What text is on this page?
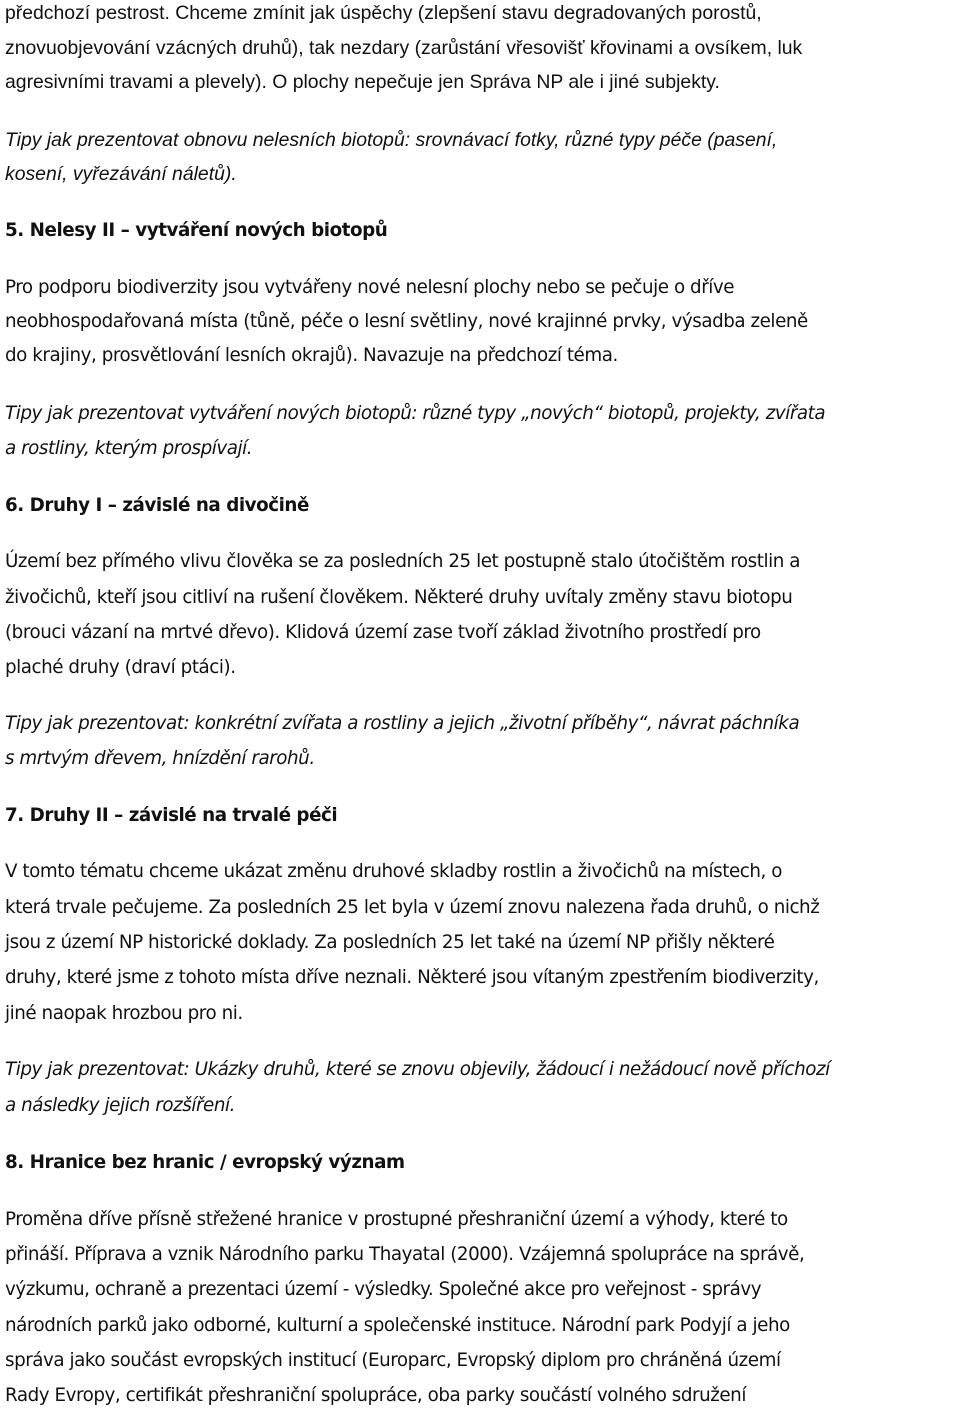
předchozí pestrost. Chceme zmínit jak úspěchy (zlepšení stavu degradovaných porostů,
znovuobjevování vzácných druhů), tak nezdary (zarůstání vřesovišť křovinami a ovsíkem, luk
agresivními travami a plevely). O plochy nepečuje jen Správa NP ale i jiné subjekty.
Tipy jak prezentovat obnovu nelesních biotopů: srovnávací fotky, různé typy péče (pasení,
kosení, vyřezávání náletů).
5. Nelesy II – vytváření nových biotopů
Pro podporu biodiverzity jsou vytvářeny nové nelesní plochy nebo se pečuje o dříve
neobhospodařovaná místa (tůně, péče o lesní světliny, nové krajinné prvky, výsadba zeleně
do krajiny, prosvětlování lesních okrajů). Navazuje na předchozí téma.
Tipy jak prezentovat vytváření nových biotopů: různé typy „nových“ biotopů, projekty, zvířata
a rostliny, kterým prospívají.
6. Druhy I – závislé na divočině
Území bez přímého vlivu člověka se za posledních 25 let postupně stalo útočištěm rostlin a
živočichů, kteří jsou citliví na rušení člověkem. Některé druhy uvítaly změny stavu biotopu
(brouci vázaní na mrtvé dřevo). Klidová území zase tvoří základ životního prostředí pro
plaché druhy (draví ptáci).
Tipy jak prezentovat: konkrétní zvířata a rostliny a jejich „životní příběhy“, návrat páchníka
s mrtvým dřevem, hnízdění rarohů.
7. Druhy II – závislé na trvalé péči
V tomto tématu chceme ukázat změnu druhové skladby rostlin a živočichů na místech, o
která trvale pečujeme. Za posledních 25 let byla v území znovu nalezena řada druhů, o nichž
jsou z území NP historické doklady. Za posledních 25 let také na území NP přišly některé
druhy, které jsme z tohoto místa dříve neznali. Některé jsou vítaným zpestřením biodiverzity,
jiné naopak hrozbou pro ni.
Tipy jak prezentovat: Ukázky druhů, které se znovu objevily, žádoucí i nežádoucí nově příchozí
a následky jejich rozšíření.
8. Hranice bez hranic / evropský význam
Proměna dříve přísně střežené hranice v prostupné přeshraniční území a výhody, které to
přináší. Příprava a vznik Národního parku Thayatal (2000). Vzájemná spolupráce na správě,
výzkumu, ochraně a prezentaci území - výsledky. Společné akce pro veřejnost - správy
národních parků jako odborné, kulturní a společenské instituce. Národní park Podyjí a jeho
správa jako součást evropských institucí (Europarc, Evropský diplom pro chráněná území
Rady Evropy, certifikát přeshraniční spolupráce, oba parky součástí volného sdružení
